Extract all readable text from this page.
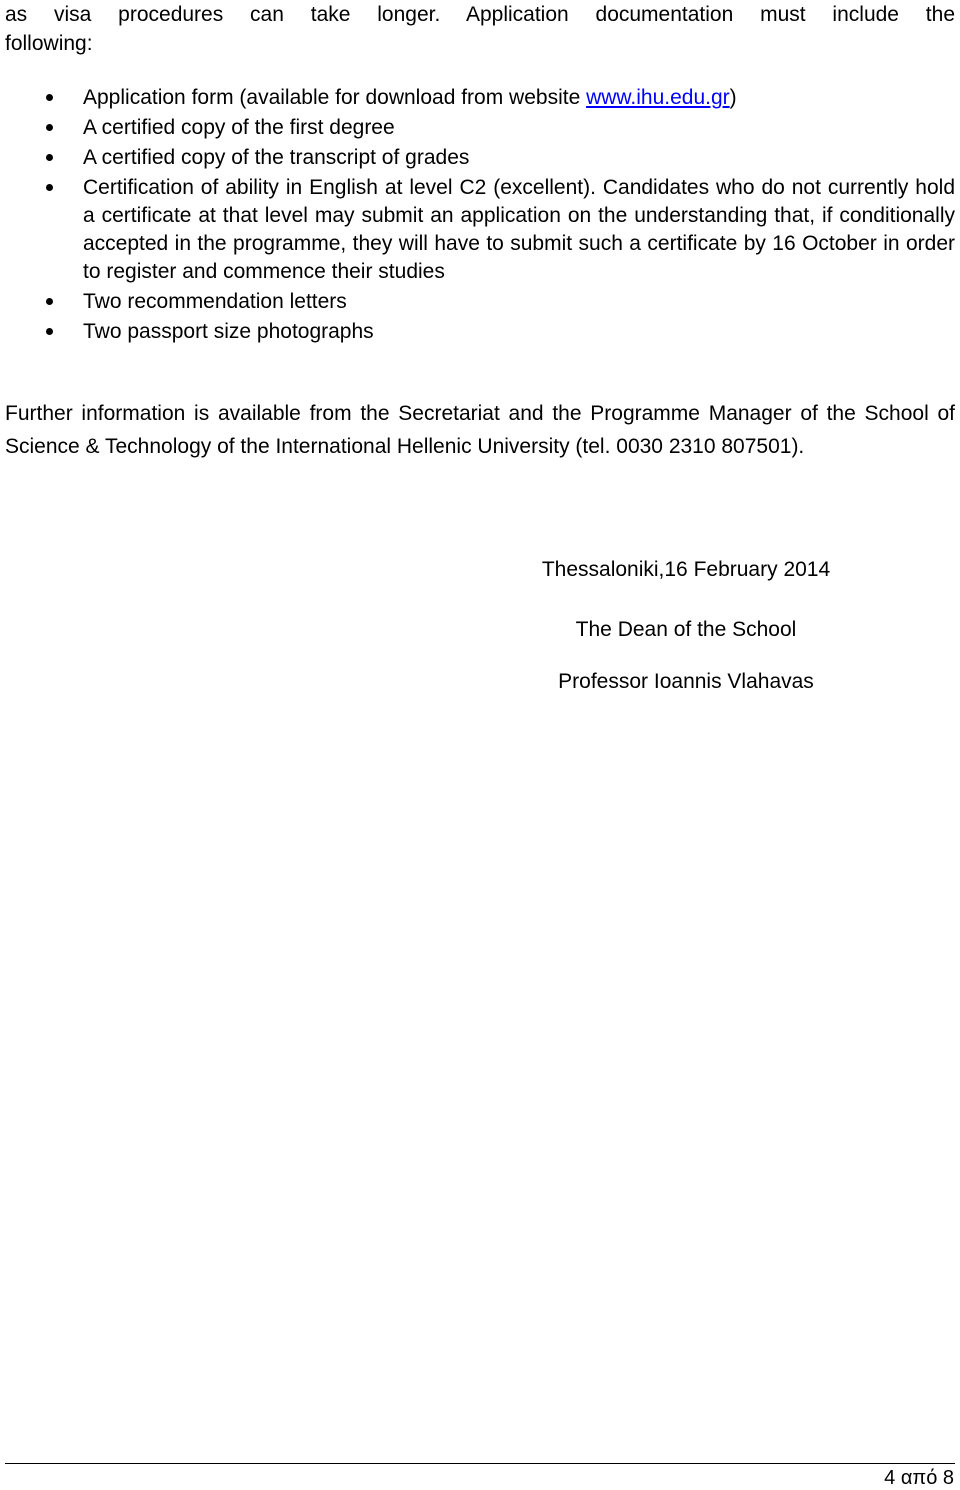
as visa procedures can take longer. Application documentation must include the
following:

Application form (available for download from website www.ihu.edu.gr)
A certified copy of the first degree
A certified copy of the transcript of grades
Certification of ability in English at level C2 (excellent). Candidates who do not currently hold a certificate at that level may submit an application on the understanding that, if conditionally accepted in the programme, they will have to submit such a certificate by 16 October in order to register and commence their studies
Two recommendation letters
Two passport size photographs

Further information is available from the Secretariat and the Programme Manager of the School of Science & Technology of the International Hellenic University (tel. 0030 2310 807501).

Thessaloniki,16 February 2014

The Dean of the School

Professor Ioannis Vlahavas

4 από 8
